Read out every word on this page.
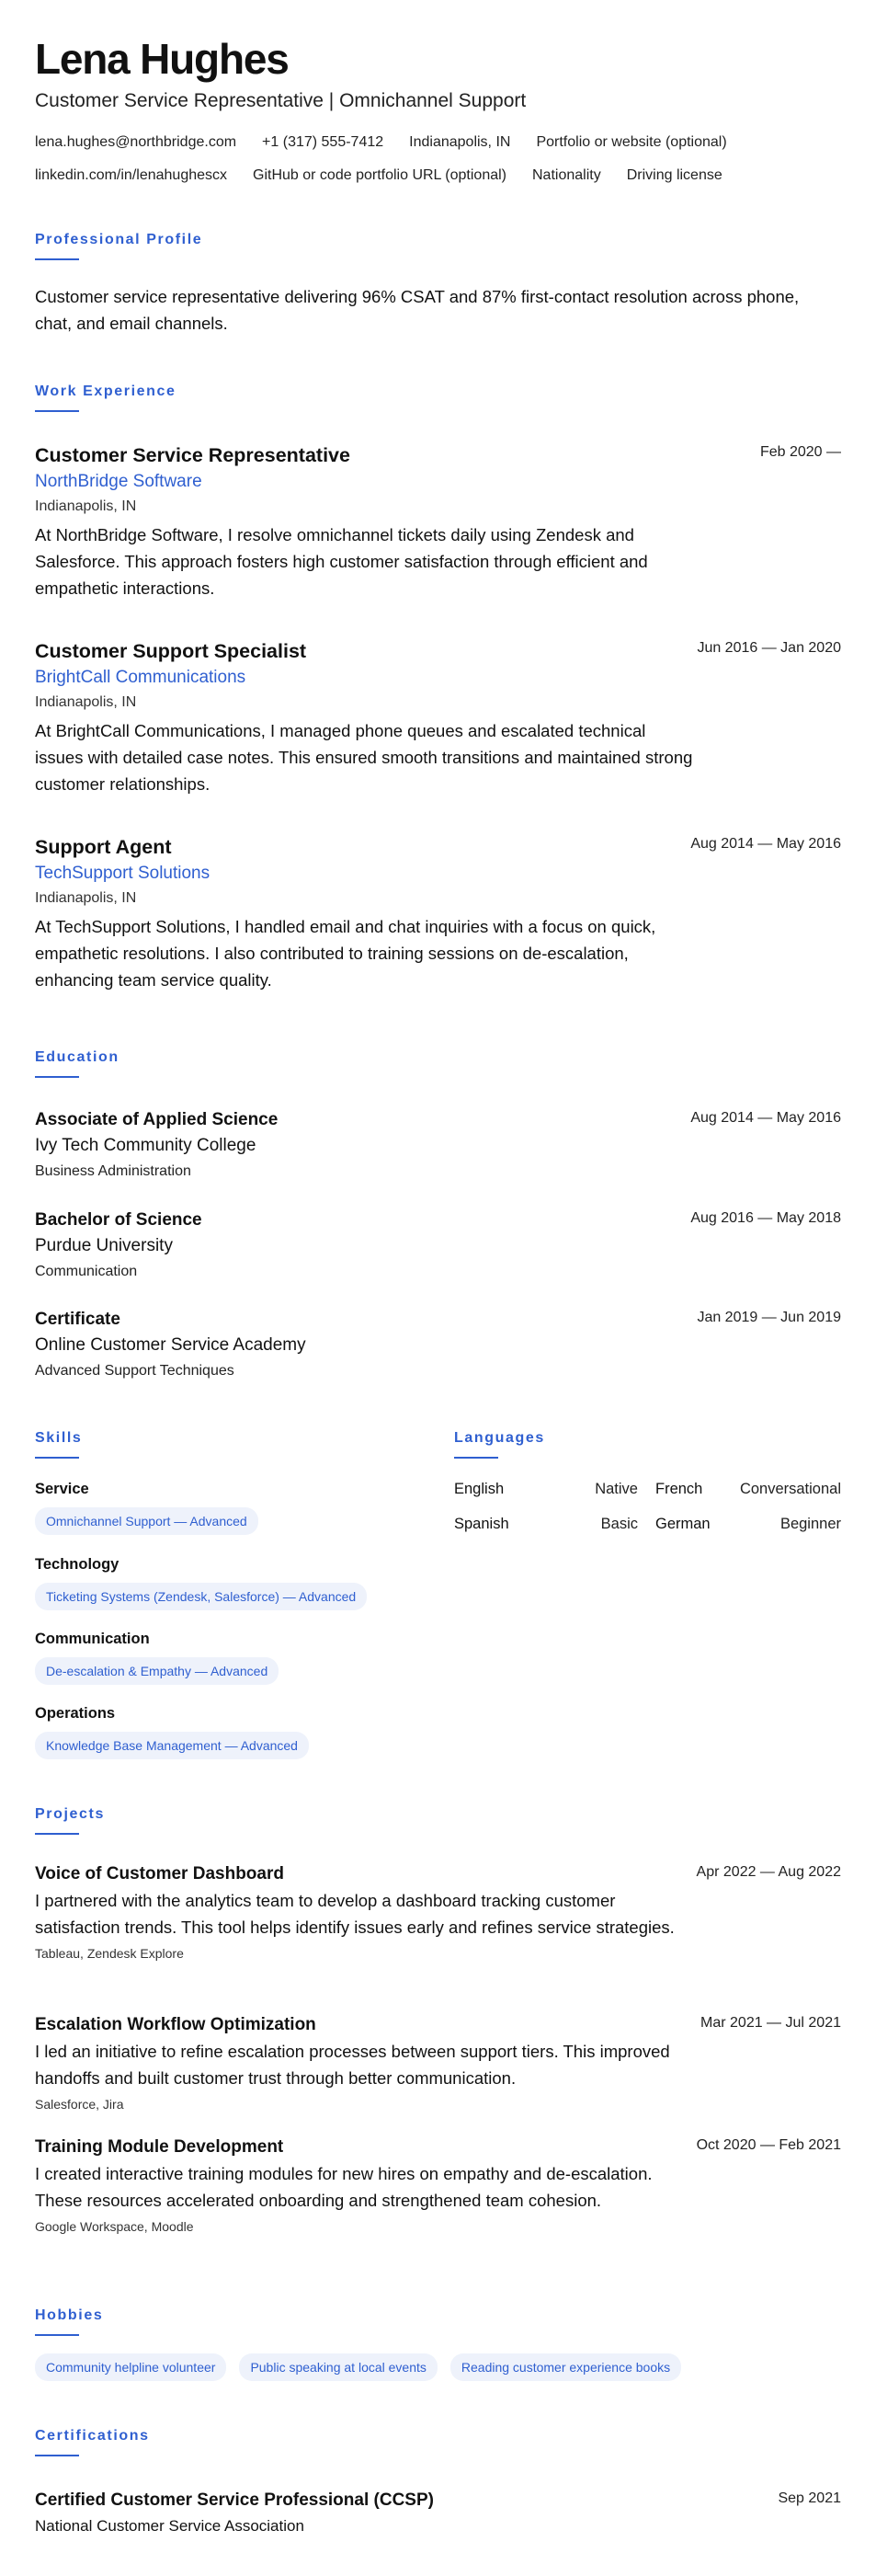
Lena Hughes
Customer Service Representative | Omnichannel Support
lena.hughes@northbridge.com +1 (317) 555-7412 Indianapolis, IN Portfolio or website (optional)
linkedin.com/in/lenahughescx GitHub or code portfolio URL (optional) Nationality Driving license
Professional Profile
Customer service representative delivering 96% CSAT and 87% first-contact resolution across phone, chat, and email channels.
Work Experience
Customer Service Representative
NorthBridge Software
Indianapolis, IN
At NorthBridge Software, I resolve omnichannel tickets daily using Zendesk and Salesforce. This approach fosters high customer satisfaction through efficient and empathetic interactions.
Feb 2020 —
Customer Support Specialist
BrightCall Communications
Indianapolis, IN
At BrightCall Communications, I managed phone queues and escalated technical issues with detailed case notes. This ensured smooth transitions and maintained strong customer relationships.
Jun 2016 — Jan 2020
Support Agent
TechSupport Solutions
Indianapolis, IN
At TechSupport Solutions, I handled email and chat inquiries with a focus on quick, empathetic resolutions. I also contributed to training sessions on de-escalation, enhancing team service quality.
Aug 2014 — May 2016
Education
Associate of Applied Science
Ivy Tech Community College
Business Administration
Aug 2014 — May 2016
Bachelor of Science
Purdue University
Communication
Aug 2016 — May 2018
Certificate
Online Customer Service Academy
Advanced Support Techniques
Jan 2019 — Jun 2019
Skills
Service
Omnichannel Support — Advanced
Technology
Ticketing Systems (Zendesk, Salesforce) — Advanced
Communication
De-escalation & Empathy — Advanced
Operations
Knowledge Base Management — Advanced
Languages
English	Native French Conversational
Spanish	Basic German	Beginner
Projects
Voice of Customer Dashboard
I partnered with the analytics team to develop a dashboard tracking customer satisfaction trends. This tool helps identify issues early and refines service strategies.
Tableau, Zendesk Explore
Apr 2022 — Aug 2022
Escalation Workflow Optimization
I led an initiative to refine escalation processes between support tiers. This improved handoffs and built customer trust through better communication.
Salesforce, Jira
Mar 2021 — Jul 2021
Training Module Development
I created interactive training modules for new hires on empathy and de-escalation. These resources accelerated onboarding and strengthened team cohesion.
Google Workspace, Moodle
Oct 2020 — Feb 2021
Hobbies
Community helpline volunteer	Public speaking at local events	Reading customer experience books
Certifications
Certified Customer Service Professional (CCSP)
National Customer Service Association
Sep 2021
